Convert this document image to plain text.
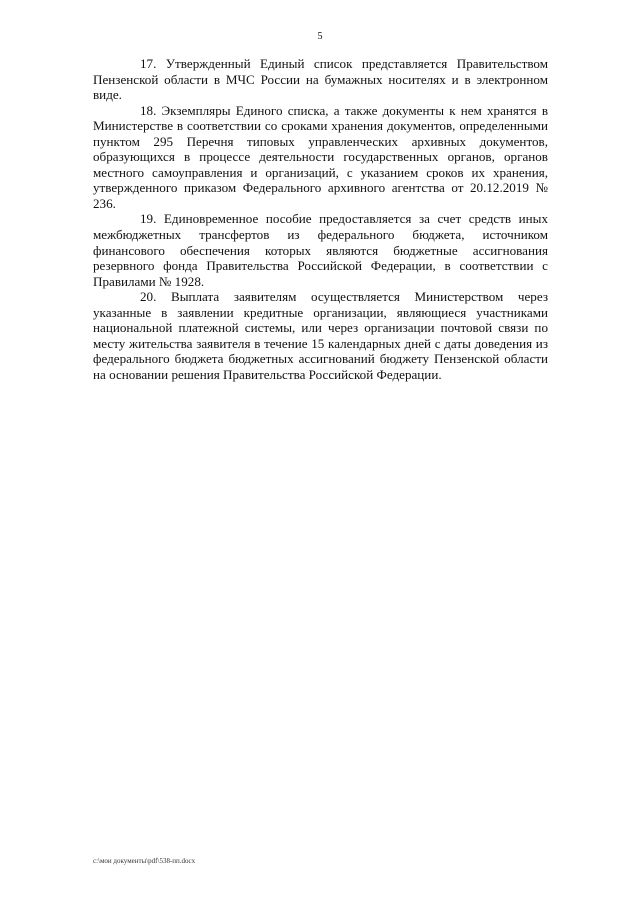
5

17. Утвержденный Единый список представляется Правительством Пензенской области в МЧС России на бумажных носителях и в электронном виде.

18. Экземпляры Единого списка, а также документы к нем хранятся в Министерстве в соответствии со сроками хранения документов, определенными пунктом 295 Перечня типовых управленческих архивных документов, образующихся в процессе деятельности государственных органов, органов местного самоуправления и организаций, с указанием сроков их хранения, утвержденного приказом Федерального архивного агентства от 20.12.2019 № 236.

19. Единовременное пособие предоставляется за счет средств иных межбюджетных трансфертов из федерального бюджета, источником финансового обеспечения которых являются бюджетные ассигнования резервного фонда Правительства Российской Федерации, в соответствии с Правилами № 1928.

20. Выплата заявителям осуществляется Министерством через указанные в заявлении кредитные организации, являющиеся участниками национальной платежной системы, или через организации почтовой связи по месту жительства заявителя в течение 15 календарных дней с даты доведения из федерального бюджета бюджетных ассигнований бюджету Пензенской области на основании решения Правительства Российской Федерации.

c:\мои документы\pdf\538-пп.docx
